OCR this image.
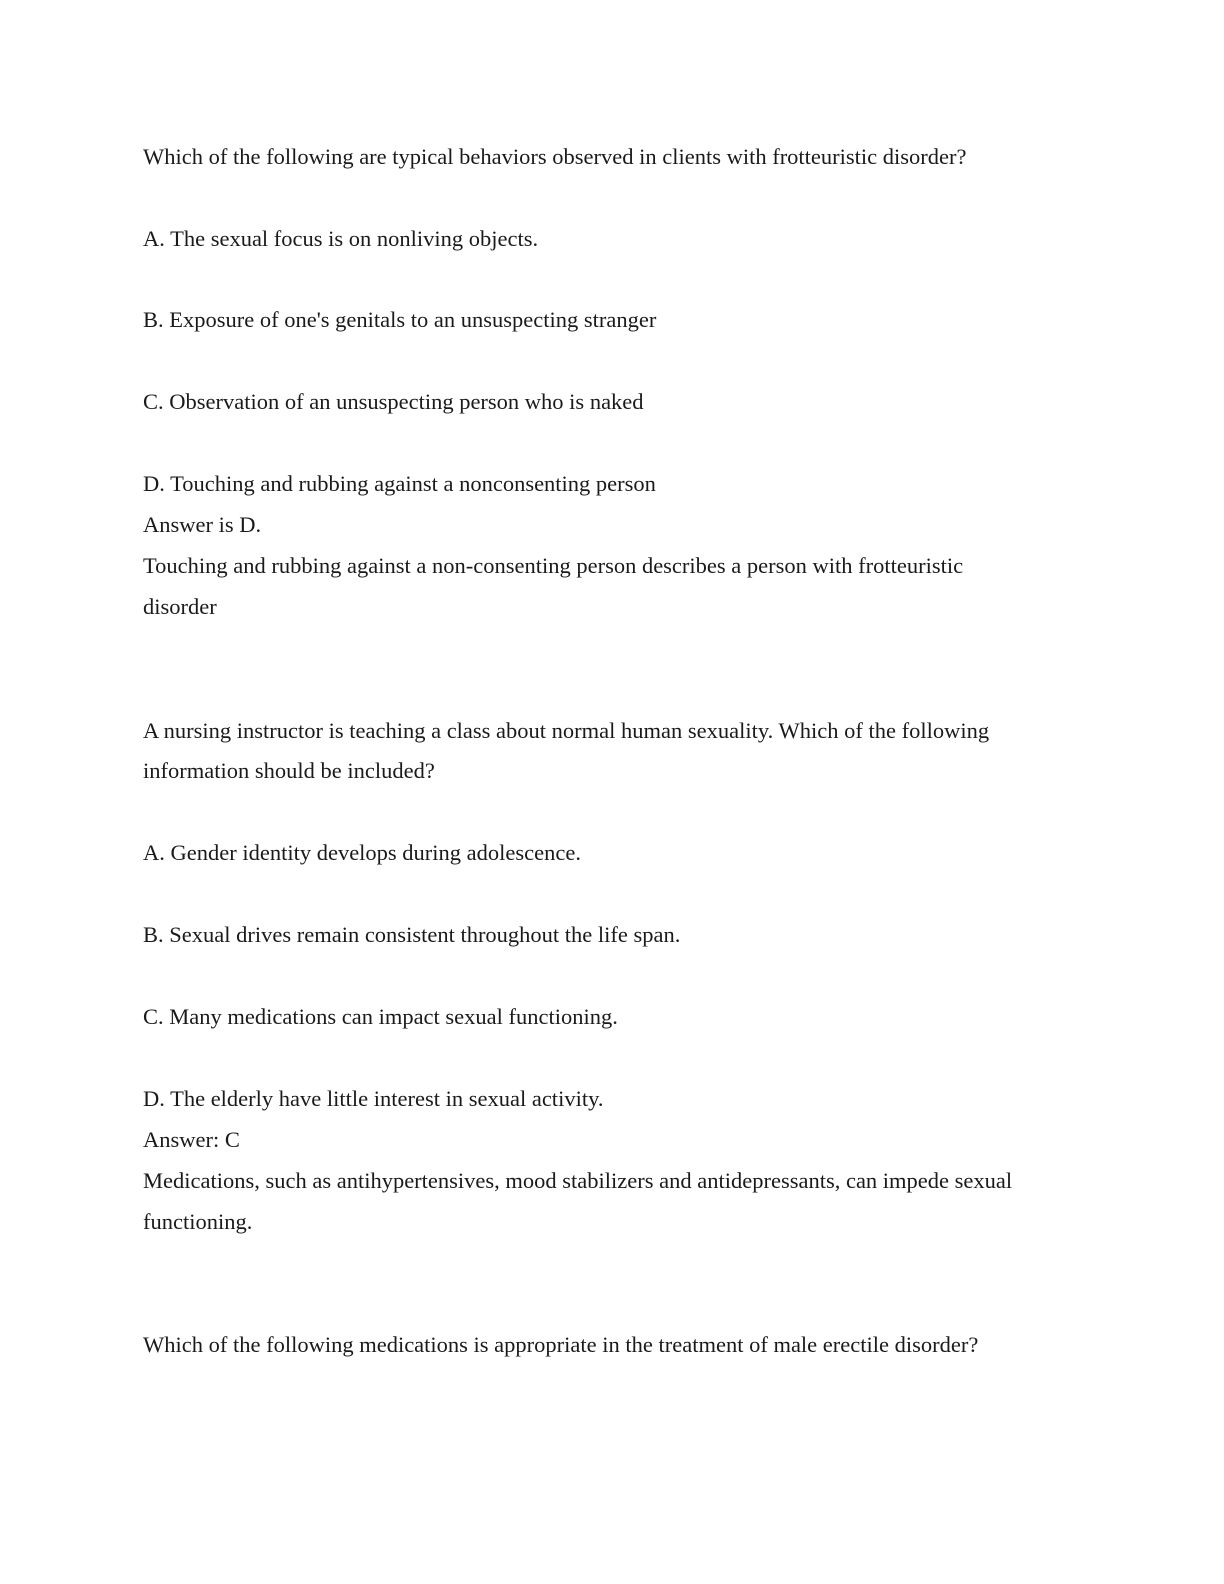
Which of the following are typical behaviors observed in clients with frotteuristic disorder?

A. The sexual focus is on nonliving objects.

B. Exposure of one's genitals to an unsuspecting stranger

C. Observation of an unsuspecting person who is naked

D. Touching and rubbing against a nonconsenting person

Answer is D.

Touching and rubbing against a non-consenting person describes a person with frotteuristic

disorder

A nursing instructor is teaching a class about normal human sexuality. Which of the following

information should be included?

A. Gender identity develops during adolescence.

B. Sexual drives remain consistent throughout the life span.

C. Many medications can impact sexual functioning.

D. The elderly have little interest in sexual activity.

Answer: C

Medications, such as antihypertensives, mood stabilizers and antidepressants, can impede sexual

functioning.

Which of the following medications is appropriate in the treatment of male erectile disorder?
